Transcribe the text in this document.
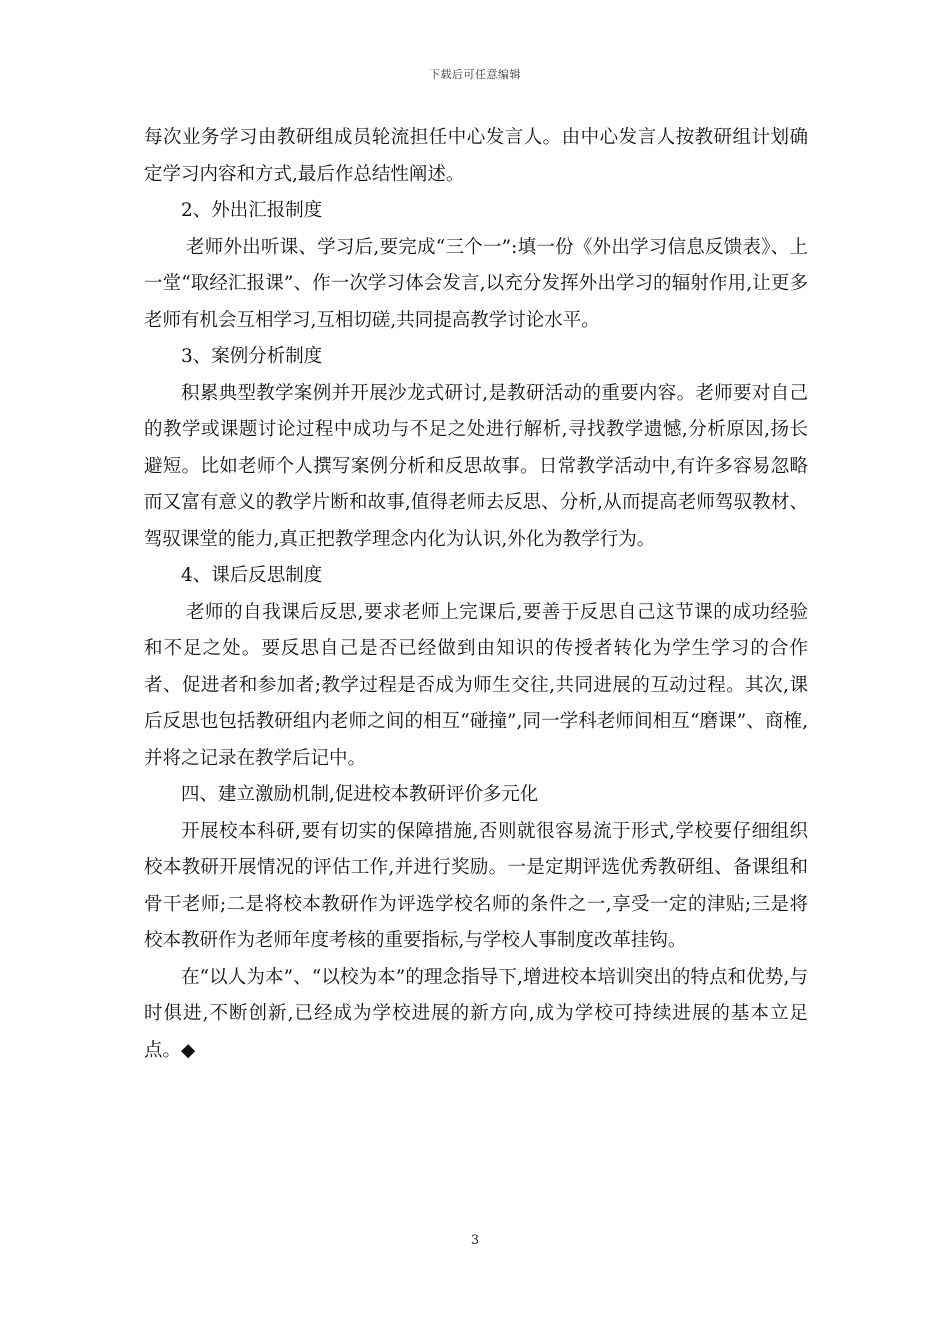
下载后可任意编辑

每次业务学习由教研组成员轮流担任中心发言人。由中心发言人按教研组计划确定学习内容和方式,最后作总结性阐述。

2、外出汇报制度

老师外出听课、学习后,要完成“三个一”:填一份《外出学习信息反馈表》、上一堂“取经汇报课”、作一次学习体会发言,以充分发挥外出学习的辐射作用,让更多老师有机会互相学习,互相切磋,共同提高教学讨论水平。

3、案例分析制度

积累典型教学案例并开展沙龙式研讨,是教研活动的重要内容。老师要对自己的教学或课题讨论过程中成功与不足之处进行解析,寻找教学遗憾,分析原因,扬长避短。比如老师个人撰写案例分析和反思故事。日常教学活动中,有许多容易忽略而又富有意义的教学片断和故事,值得老师去反思、分析,从而提高老师驾驭教材、驾驭课堂的能力,真正把教学理念内化为认识,外化为教学行为。

4、课后反思制度

老师的自我课后反思,要求老师上完课后,要善于反思自己这节课的成功经验和不足之处。要反思自己是否已经做到由知识的传授者转化为学生学习的合作者、促进者和参加者;教学过程是否成为师生交往,共同进展的互动过程。其次,课后反思也包括教研组内老师之间的相互“碰撞”,同一学科老师间相互“磨课”、商榷,并将之记录在教学后记中。

四、建立激励机制,促进校本教研评价多元化

开展校本科研,要有切实的保障措施,否则就很容易流于形式,学校要仔细组织校本教研开展情况的评估工作,并进行奖励。一是定期评选优秀教研组、备课组和骨干老师;二是将校本教研作为评选学校名师的条件之一,享受一定的津贴;三是将校本教研作为老师年度考核的重要指标,与学校人事制度改革挂钩。

在“以人为本”、“以校为本”的理念指导下,增进校本培训突出的特点和优势,与时俱进,不断创新,已经成为学校进展的新方向,成为学校可持续进展的基本立足点。◆

3
